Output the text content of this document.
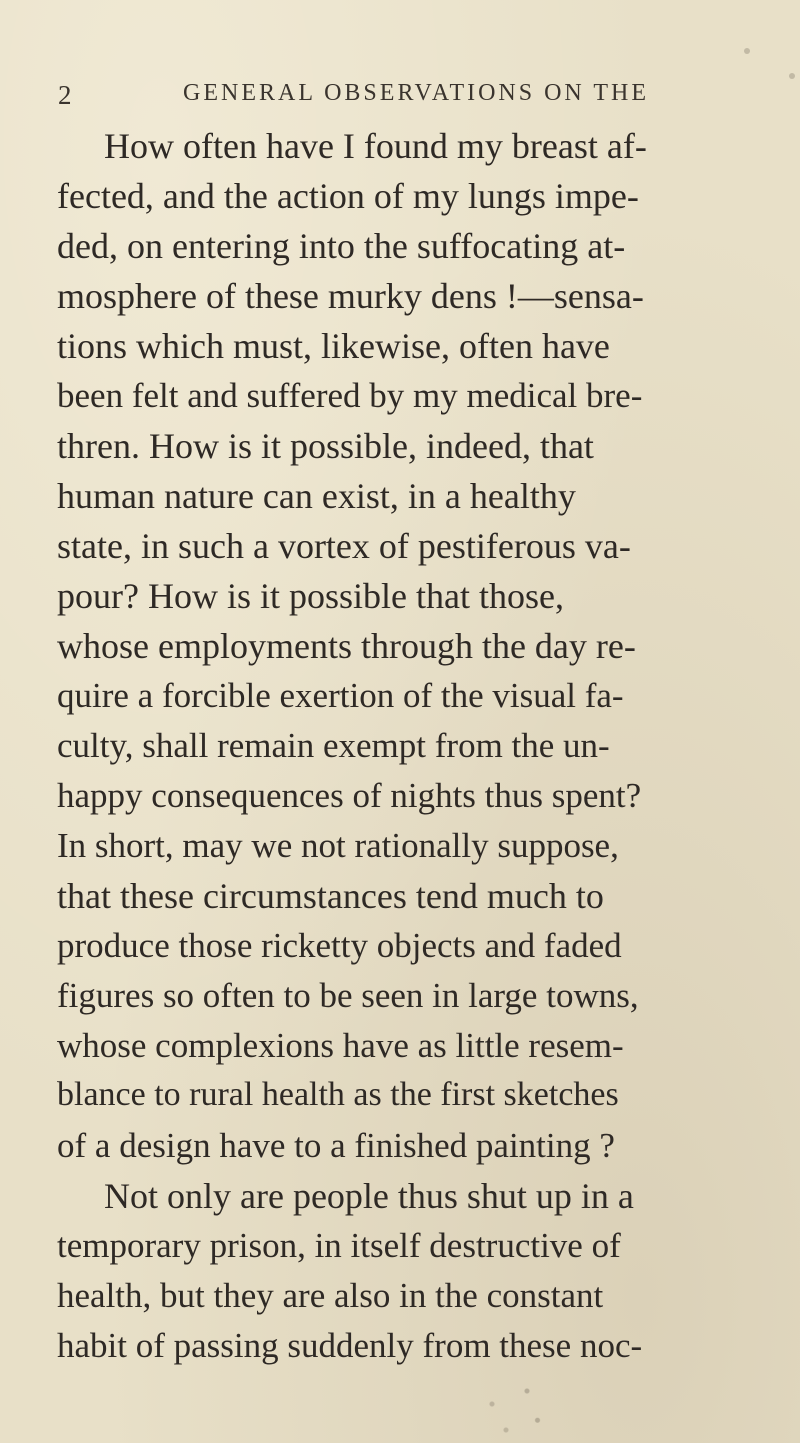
2	GENERAL OBSERVATIONS ON THE
How often have I found my breast af-
fected, and the action of my lungs impe-
ded, on entering into the suffocating at-
mosphere of these murky dens !—sensa-
tions which must, likewise, often have
been felt and suffered by my medical bre-
thren. How is it possible, indeed, that
human nature can exist, in a healthy
state, in such a vortex of pestiferous va-
pour? How is it possible that those,
whose employments through the day re-
quire a forcible exertion of the visual fa-
culty, shall remain exempt from the un-
happy consequences of nights thus spent?
In short, may we not rationally suppose,
that these circumstances tend much to
produce those ricketty objects and faded
figures so often to be seen in large towns,
whose complexions have as little resem-
blance to rural health as the first sketches
of a design have to a finished painting ?
Not only are people thus shut up in a
temporary prison, in itself destructive of
health, but they are also in the constant
habit of passing suddenly from these noc-
